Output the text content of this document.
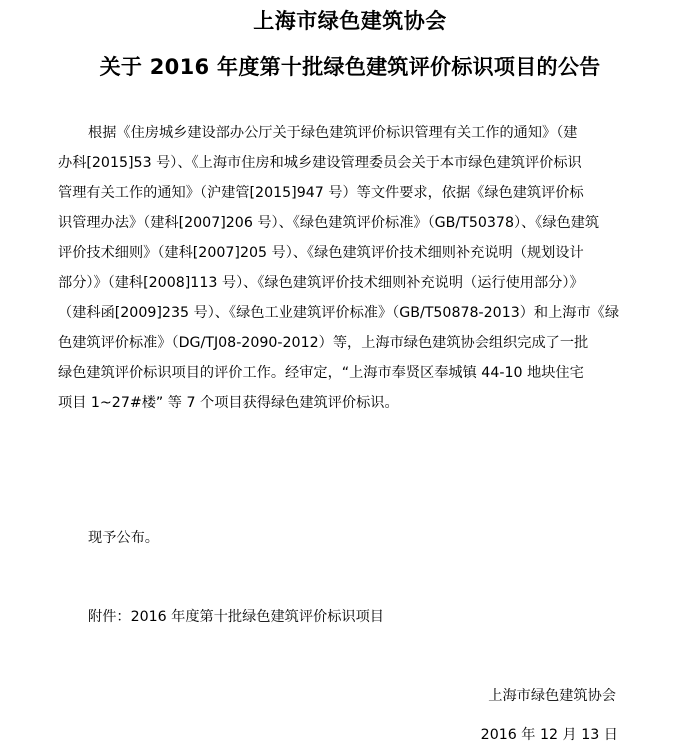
上海市绿色建筑协会
关于 2016 年度第十批绿色建筑评价标识项目的公告
根据《住房城乡建设部办公厅关于绿色建筑评价标识管理有关工作的通知》（建
办科[2015]53 号）、《上海市住房和城乡建设管理委员会关于本市绿色建筑评价标识
管理有关工作的通知》（沪建管[2015]947 号）等文件要求，依据《绿色建筑评价标
识管理办法》（建科[2007]206 号）、《绿色建筑评价标准》（GB/T50378）、《绿色建筑
评价技术细则》（建科[2007]205 号）、《绿色建筑评价技术细则补充说明（规划设计
部分）》（建科[2008]113 号）、《绿色建筑评价技术细则补充说明（运行使用部分）》
（建科函[2009]235 号）、《绿色工业建筑评价标准》（GB/T50878-2013）和上海市《绿
色建筑评价标准》（DG/TJ08-2090-2012）等，上海市绿色建筑协会组织完成了一批
绿色建筑评价标识项目的评价工作。经审定，“上海市奉贤区奉城镇 44-10 地块住宅
项目 1~27#楼” 等 7 个项目获得绿色建筑评价标识。
现予公布。
附件：2016 年度第十批绿色建筑评价标识项目
上海市绿色建筑协会
2016 年 12 月 13 日
